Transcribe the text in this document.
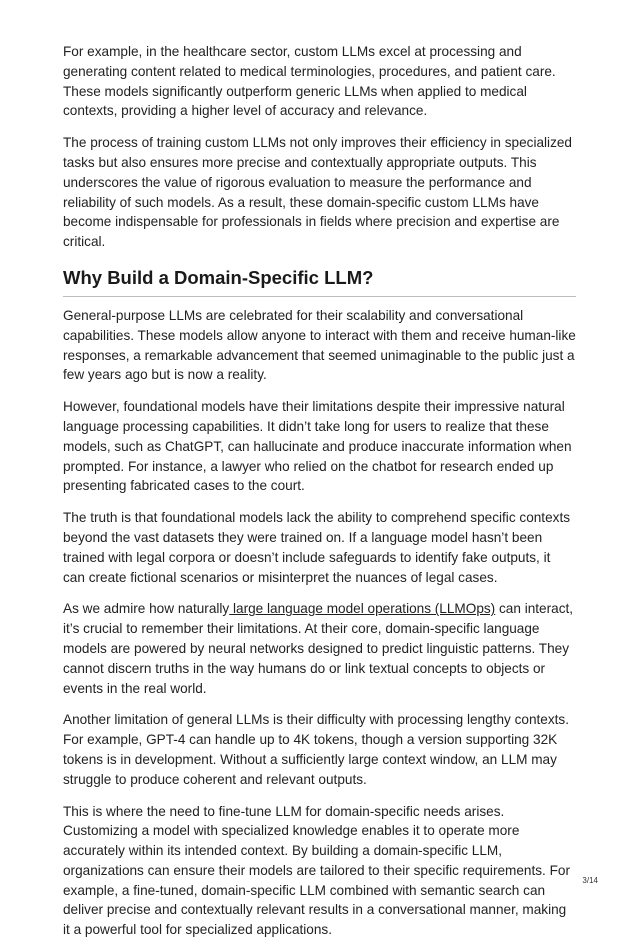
For example, in the healthcare sector, custom LLMs excel at processing and generating content related to medical terminologies, procedures, and patient care. These models significantly outperform generic LLMs when applied to medical contexts, providing a higher level of accuracy and relevance.

The process of training custom LLMs not only improves their efficiency in specialized tasks but also ensures more precise and contextually appropriate outputs. This underscores the value of rigorous evaluation to measure the performance and reliability of such models. As a result, these domain-specific custom LLMs have become indispensable for professionals in fields where precision and expertise are critical.

Why Build a Domain-Specific LLM?

General-purpose LLMs are celebrated for their scalability and conversational capabilities. These models allow anyone to interact with them and receive human-like responses, a remarkable advancement that seemed unimaginable to the public just a few years ago but is now a reality.

However, foundational models have their limitations despite their impressive natural language processing capabilities. It didn’t take long for users to realize that these models, such as ChatGPT, can hallucinate and produce inaccurate information when prompted. For instance, a lawyer who relied on the chatbot for research ended up presenting fabricated cases to the court.

The truth is that foundational models lack the ability to comprehend specific contexts beyond the vast datasets they were trained on. If a language model hasn’t been trained with legal corpora or doesn’t include safeguards to identify fake outputs, it can create fictional scenarios or misinterpret the nuances of legal cases.

As we admire how naturally large language model operations (LLMOps) can interact, it’s crucial to remember their limitations. At their core, domain-specific language models are powered by neural networks designed to predict linguistic patterns. They cannot discern truths in the way humans do or link textual concepts to objects or events in the real world.

Another limitation of general LLMs is their difficulty with processing lengthy contexts. For example, GPT-4 can handle up to 4K tokens, though a version supporting 32K tokens is in development. Without a sufficiently large context window, an LLM may struggle to produce coherent and relevant outputs.

This is where the need to fine-tune LLM for domain-specific needs arises. Customizing a model with specialized knowledge enables it to operate more accurately within its intended context. By building a domain-specific LLM, organizations can ensure their models are tailored to their specific requirements. For example, a fine-tuned, domain-specific LLM combined with semantic search can deliver precise and contextually relevant results in a conversational manner, making it a powerful tool for specialized applications.

3/14
